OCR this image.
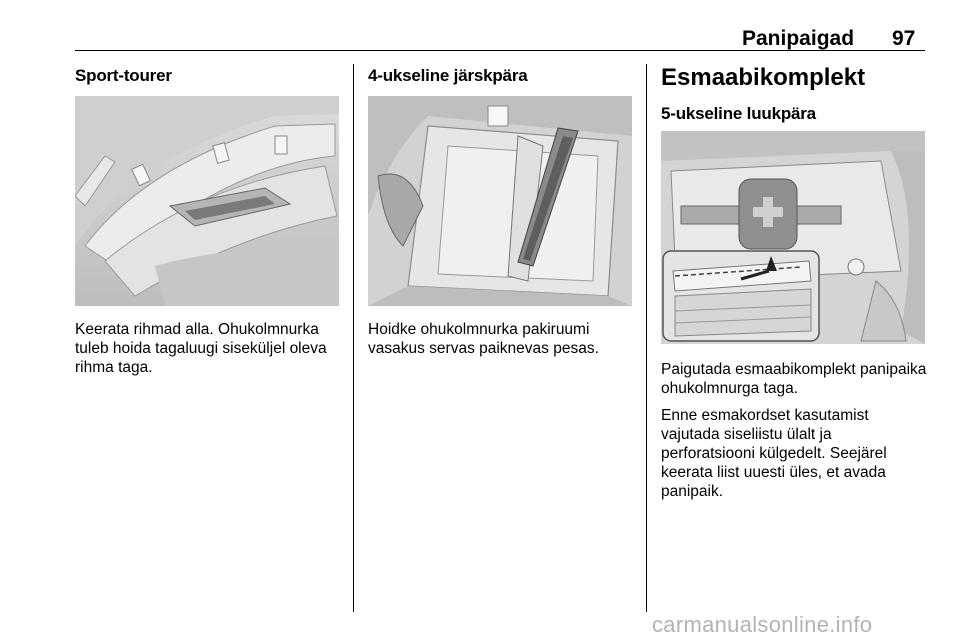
Panipaigad 97
Sport-tourer

Keerata rihmad alla. Ohukolmnurka tuleb hoida tagaluugi siseküljel oleva rihma taga.

4-ukseline järskpära

Hoidke ohukolmnurka pakiruumi vasakus servas paiknevas pesas.

Esmaabikomplekt
5-ukseline luukpära

Paigutada esmaabikomplekt panipaika ohukolmnurga taga.

Enne esmakordset kasutamist vajutada siseliistu ülalt ja perforatsiooni külgedelt. Seejärel keerata liist uuesti üles, et avada panipaik.

carmanualsonline.info
